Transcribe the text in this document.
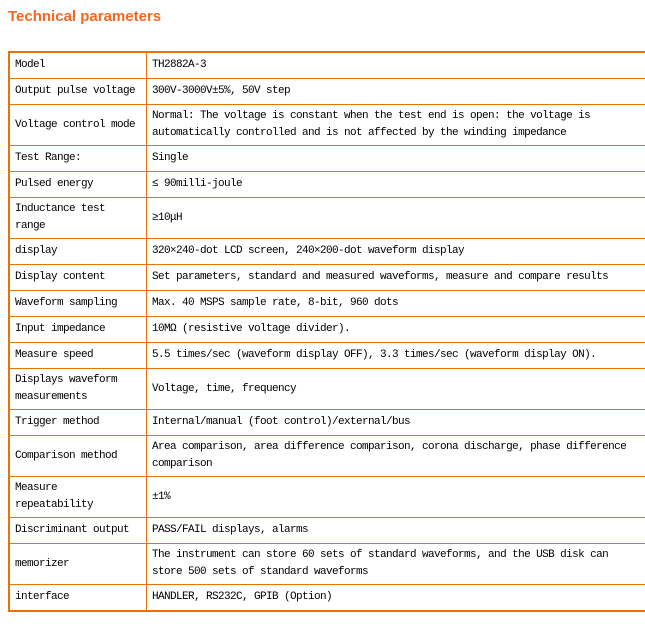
Technical parameters
Model	TH2882A-3
Output pulse voltage	300V-3000V±5%, 50V step
Voltage control mode	Normal: The voltage is constant when the test end is open: the voltage is automatically controlled and is not affected by the winding impedance
Test Range:	Single
Pulsed energy	≤ 90milli-joule
Inductance test range	≥10μH
display	320×240-dot LCD screen, 240×200-dot waveform display
Display content	Set parameters, standard and measured waveforms, measure and compare results
Waveform sampling	Max. 40 MSPS sample rate, 8-bit, 960 dots
Input impedance	10MΩ (resistive voltage divider).
Measure speed	5.5 times/sec (waveform display OFF), 3.3 times/sec (waveform display ON).
Displays waveform measurements	Voltage, time, frequency
Trigger method	Internal/manual (foot control)/external/bus
Comparison method	Area comparison, area difference comparison, corona discharge, phase difference comparison
Measure repeatability	±1%
Discriminant output	PASS/FAIL displays, alarms
memorizer	The instrument can store 60 sets of standard waveforms, and the USB disk can store 500 sets of standard waveforms
interface	HANDLER, RS232C, GPIB (Option)
